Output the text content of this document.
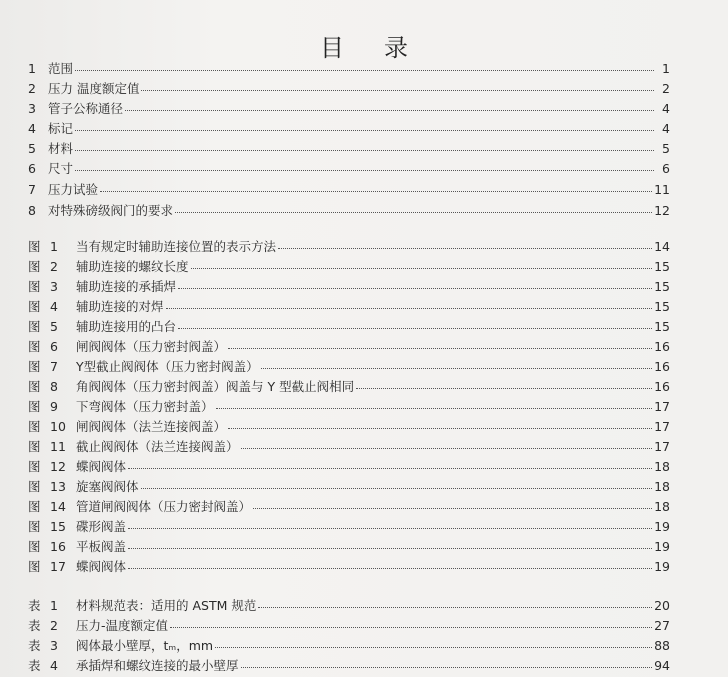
目 录
1 范围	1
2 压力 温度额定值	2
3 管子公称通径	4
4 标记	4
5 材料	5
6 尺寸	6
7 压力试验	11
8 对特殊磅级阀门的要求	12
图 1	当有规定时辅助连接位置的表示方法	14
图 2	辅助连接的螺纹长度	15
图 3	辅助连接的承插焊	15
图 4	辅助连接的对焊	15
图 5	辅助连接用的凸台	15
图 6	闸阀阀体（压力密封阀盖）	16
图 7	Y型截止阀阀体（压力密封阀盖）	16
图 8	角阀阀体（压力密封阀盖）阀盖与 Y 型截止阀相同	16
图 9	下弯阀体（压力密封盖）	17
图 10 闸阀阀体（法兰连接阀盖）	17
图 11 截止阀阀体（法兰连接阀盖）	17
图 12 蝶阀阀体	18
图 13 旋塞阀阀体	18
图 14 管道闸阀阀体（压力密封阀盖）	18
图 15 碟形阀盖	19
图 16 平板阀盖	19
图 17 蝶阀阀体	19
表 1	材料规范表：适用的 ASTM 规范	20
表 2	压力-温度额定值	27
表 3	阀体最小壁厚，tₘ，mm	88
表 4	承插焊和螺纹连接的最小壁厚	94
